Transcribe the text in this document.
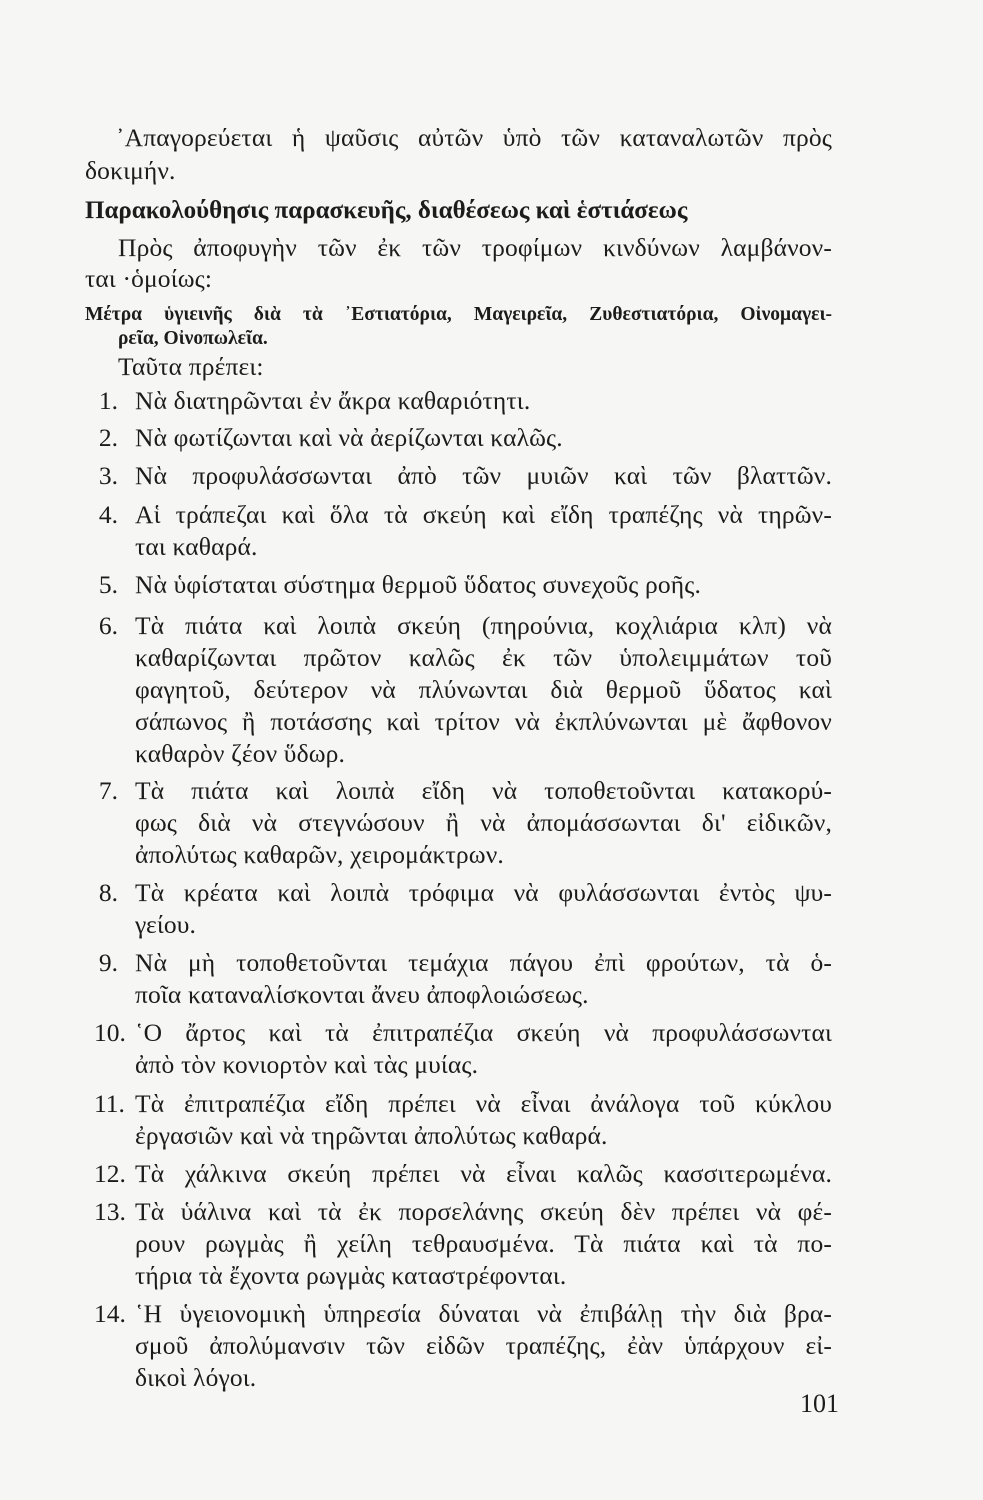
᾿Απαγορεύεται ἡ ψαῦσις αὐτῶν ὑπὸ τῶν καταναλωτῶν πρὸς
δοκιμήν.
Παρακολούθησις παρασκευῆς, διαθέσεως καὶ ἑστιάσεως
Πρὸς ἀποφυγὴν τῶν ἐκ τῶν τροφίμων κινδύνων λαμβάνον-
ται ·ὁμοίως:
Μέτρα ὑγιεινῆς διὰ τὰ ᾿Εστιατόρια, Μαγειρεῖα, Ζυθεστιατόρια, Οἰνομαγει-
ρεῖα, Οἰνοπωλεῖα.
Ταῦτα πρέπει:
1. Νὰ διατηρῶνται ἐν ἄκρα καθαριότητι.
2. Νὰ φωτίζωνται καὶ νὰ ἀερίζωνται καλῶς.
3. Νὰ προφυλάσσωνται ἀπὸ τῶν μυιῶν καὶ τῶν βλαττῶν.
4. Αἱ τράπεζαι καὶ ὅλα τὰ σκεύη καὶ εἴδη τραπέζης νὰ τηρῶν-
ται καθαρά.
5. Νὰ ὑφίσταται σύστημα θερμοῦ ὕδατος συνεχοῦς ροῆς.
6. Τὰ πιάτα καὶ λοιπὰ σκεύη (πηρούνια, κοχλιάρια κλπ) νὰ
καθαρίζωνται πρῶτον καλῶς ἐκ τῶν ὑπολειμμάτων τοῦ
φαγητοῦ, δεύτερον νὰ πλύνωνται διὰ θερμοῦ ὕδατος καὶ
σάπωνος ἢ ποτάσσης καὶ τρίτον νὰ ἐκπλύνωνται μὲ ἄφθονον
καθαρὸν ζέον ὕδωρ.
7. Τὰ πιάτα καὶ λοιπὰ εἴδη νὰ τοποθετοῦνται κατακορύ-
φως διὰ νὰ στεγνώσουν ἢ νὰ ἀπομάσσωνται δι' εἰδικῶν,
ἀπολύτως καθαρῶν, χειρομάκτρων.
8. Τὰ κρέατα καὶ λοιπὰ τρόφιμα νὰ φυλάσσωνται ἐντὸς ψυ-
γείου.
9. Νὰ μὴ τοποθετοῦνται τεμάχια πάγου ἐπὶ φρούτων, τὰ ὁ-
ποῖα καταναλίσκονται ἄνευ ἀποφλοιώσεως.
10. ῾Ο ἄρτος καὶ τὰ ἐπιτραπέζια σκεύη νὰ προφυλάσσωνται
ἀπὸ τὸν κονιορτὸν καὶ τὰς μυίας.
11. Τὰ ἐπιτραπέζια εἴδη πρέπει νὰ εἶναι ἀνάλογα τοῦ κύκλου
ἐργασιῶν καὶ νὰ τηρῶνται ἀπολύτως καθαρά.
12. Τὰ χάλκινα σκεύη πρέπει νὰ εἶναι καλῶς κασσιτερωμένα.
13. Τὰ ὑάλινα καὶ τὰ ἐκ πορσελάνης σκεύη δὲν πρέπει νὰ φέ-
ρουν ρωγμὰς ἢ χείλη τεθραυσμένα. Τὰ πιάτα καὶ τὰ πο-
τήρια τὰ ἔχοντα ρωγμὰς καταστρέφονται.
14. ῾Η ὑγειονομικὴ ὑπηρεσία δύναται νὰ ἐπιβάλῃ τὴν διὰ βρα-
σμοῦ ἀπολύμανσιν τῶν εἰδῶν τραπέζης, ἐὰν ὑπάρχουν εἰ-
δικοὶ λόγοι.
101
